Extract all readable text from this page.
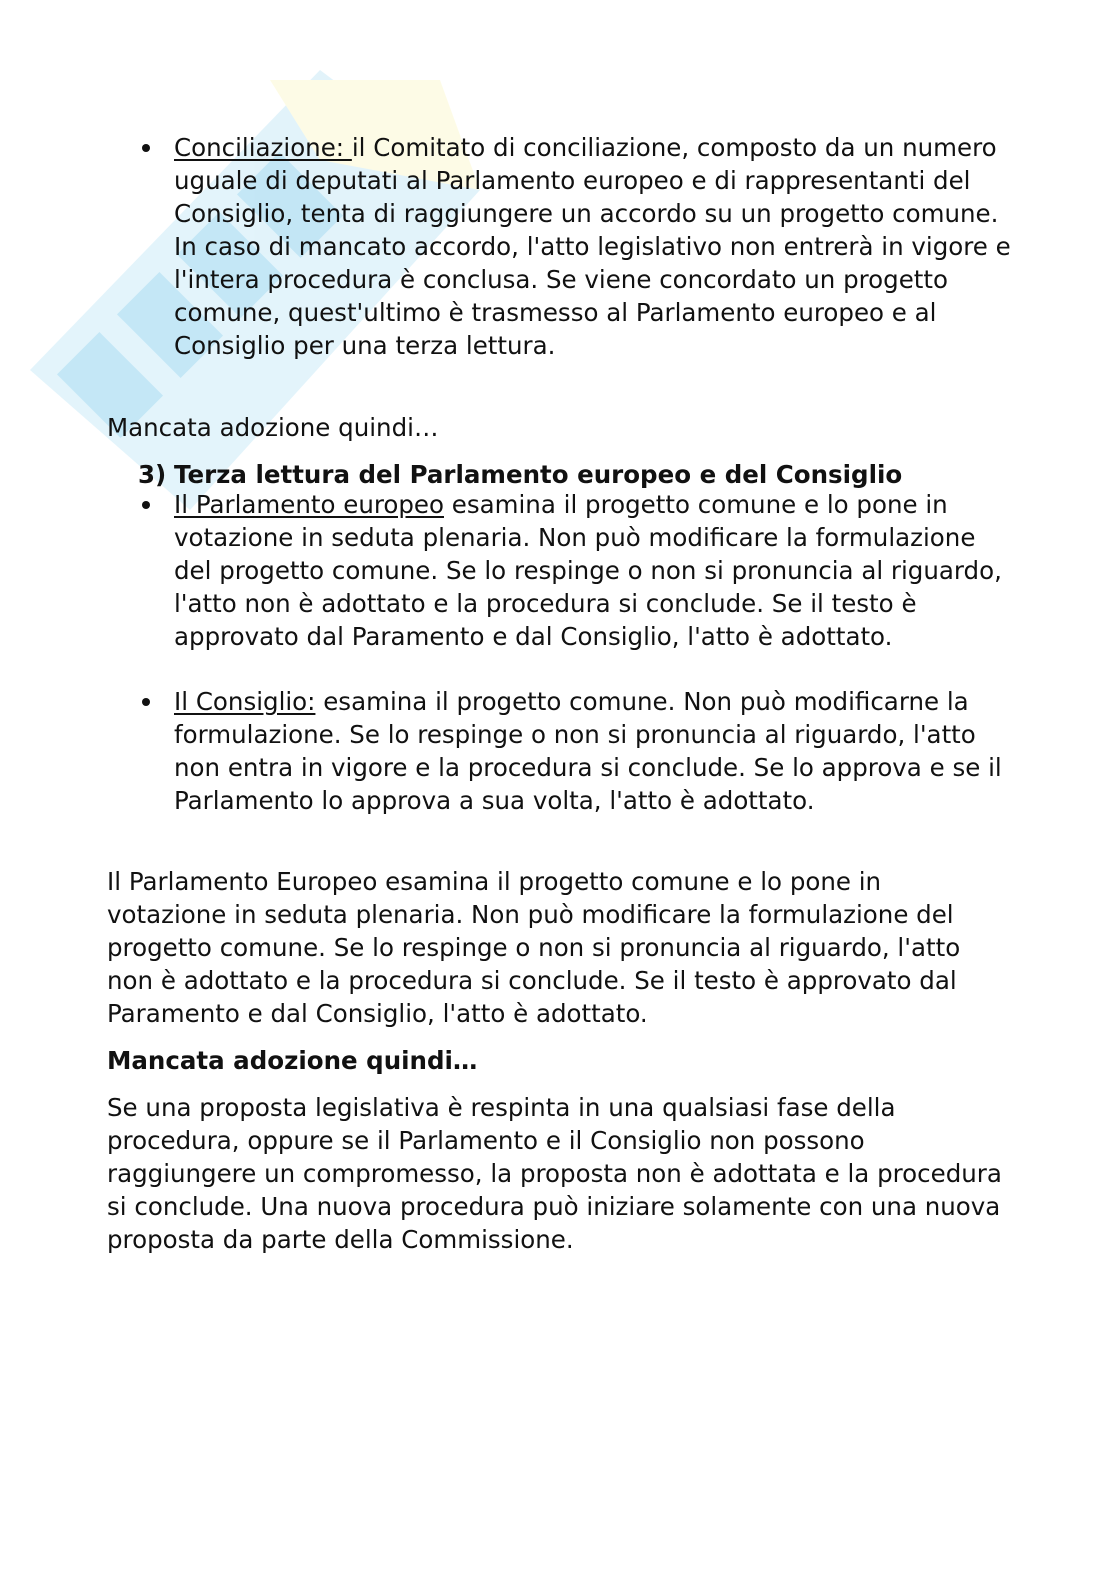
Conciliazione: il Comitato di conciliazione, composto da un numero uguale di deputati al Parlamento europeo e di rappresentanti del Consiglio, tenta di raggiungere un accordo su un progetto comune. In caso di mancato accordo, l'atto legislativo non entrerà in vigore e l'intera procedura è conclusa. Se viene concordato un progetto comune, quest'ultimo è trasmesso al Parlamento europeo e al Consiglio per una terza lettura.

Mancata adozione quindi…

3) Terza lettura del Parlamento europeo e del Consiglio

Il Parlamento europeo esamina il progetto comune e lo pone in votazione in seduta plenaria. Non può modificare la formulazione del progetto comune. Se lo respinge o non si pronuncia al riguardo, l'atto non è adottato e la procedura si conclude. Se il testo è approvato dal Paramento e dal Consiglio, l'atto è adottato.

Il Consiglio: esamina il progetto comune. Non può modificarne la formulazione. Se lo respinge o non si pronuncia al riguardo, l'atto non entra in vigore e la procedura si conclude. Se lo approva e se il Parlamento lo approva a sua volta, l'atto è adottato.

Il Parlamento Europeo esamina il progetto comune e lo pone in votazione in seduta plenaria. Non può modificare la formulazione del progetto comune. Se lo respinge o non si pronuncia al riguardo, l'atto non è adottato e la procedura si conclude. Se il testo è approvato dal Paramento e dal Consiglio, l'atto è adottato.

Mancata adozione quindi…

Se una proposta legislativa è respinta in una qualsiasi fase della procedura, oppure se il Parlamento e il Consiglio non possono raggiungere un compromesso, la proposta non è adottata e la procedura si conclude. Una nuova procedura può iniziare solamente con una nuova proposta da parte della Commissione.
